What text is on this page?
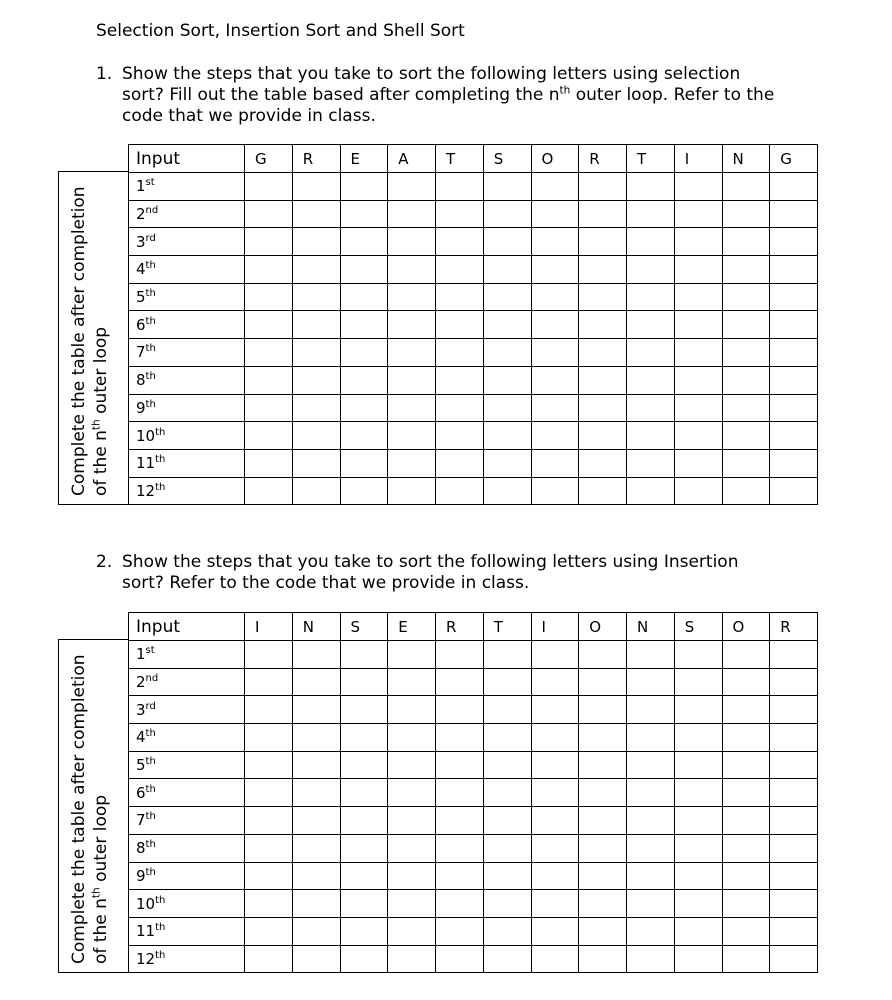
Selection Sort, Insertion Sort and Shell Sort
1. Show the steps that you take to sort the following letters using selection sort? Fill out the table based after completing the $n^{th}$ outer loop. Refer to the code that we provide in class.
Complete the table after completion of the $n^{th}$ outer loop
Input	G	R	E	A	T	S	O	R	T	I	N	G
1st												
2nd												
3rd												
4th												
5th												
6th												
7th												
8th												
9th												
10th												
11th												
12th												
2. Show the steps that you take to sort the following letters using Insertion sort? Refer to the code that we provide in class.
Complete the table after completion of the $n^{th}$ outer loop
Input	I	N	S	E	R	T	I	O	N	S	O	R
1st												
2nd												
3rd												
4th												
5th												
6th												
7th												
8th												
9th												
10th												
11th												
12th												
